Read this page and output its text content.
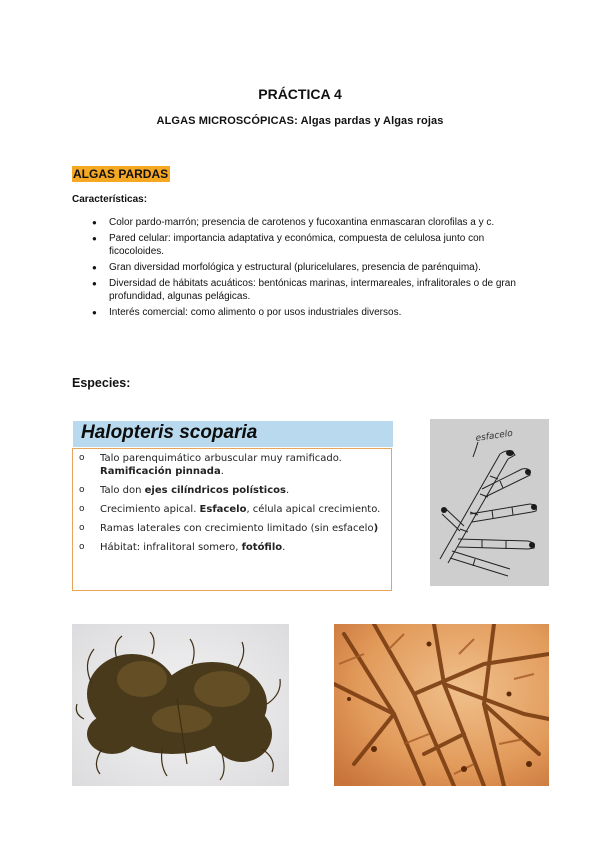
PRÁCTICA 4
ALGAS MICROSCÓPICAS: Algas pardas y Algas rojas
ALGAS PARDAS
Características:
● Color pardo-marrón; presencia de carotenos y fucoxantina enmascaran clorofilas a y c.
● Pared celular: importancia adaptativa y económica, compuesta de celulosa junto con ficocoloides.
● Gran diversidad morfológica y estructural (pluricelulares, presencia de parénquima).
● Diversidad de hábitats acuáticos: bentónicas marinas, intermareales, infralitorales o de gran profundidad, algunas pelágicas.
● Interés comercial: como alimento o por usos industriales diversos.
Especies:
Halopteris scoparia
o Talo parenquimático arbuscular muy ramificado. Ramificación pinnada.
o Talo don ejes cilíndricos polísticos.
o Crecimiento apical. Esfacelo, célula apical crecimiento.
o Ramas laterales con crecimiento limitado (sin esfacelo)
o Hábitat: infralitoral somero, fotófilo.
esfacelo
